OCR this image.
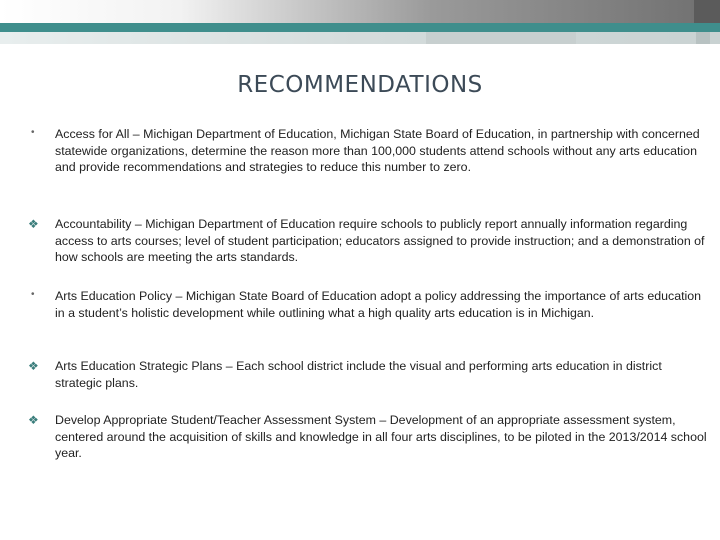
RECOMMENDATIONS
•	Access for All – Michigan Department of Education, Michigan State Board of Education, in partnership with concerned statewide organizations, determine the reason more than 100,000 students attend schools without any arts education and provide recommendations and strategies to reduce this number to zero.
❖	Accountability – Michigan Department of Education require schools to publicly report annually information regarding access to arts courses; level of student participation; educators assigned to provide instruction; and a demonstration of how schools are meeting the arts standards.
•	Arts Education Policy – Michigan State Board of Education adopt a policy addressing the importance of arts education in a student’s holistic development while outlining what a high quality arts education is in Michigan.
❖	Arts Education Strategic Plans – Each school district include the visual and performing arts education in district strategic plans.
❖	Develop Appropriate Student/Teacher Assessment System – Development of an appropriate assessment system, centered around the acquisition of skills and knowledge in all four arts disciplines, to be piloted in the 2013/2014 school year.
